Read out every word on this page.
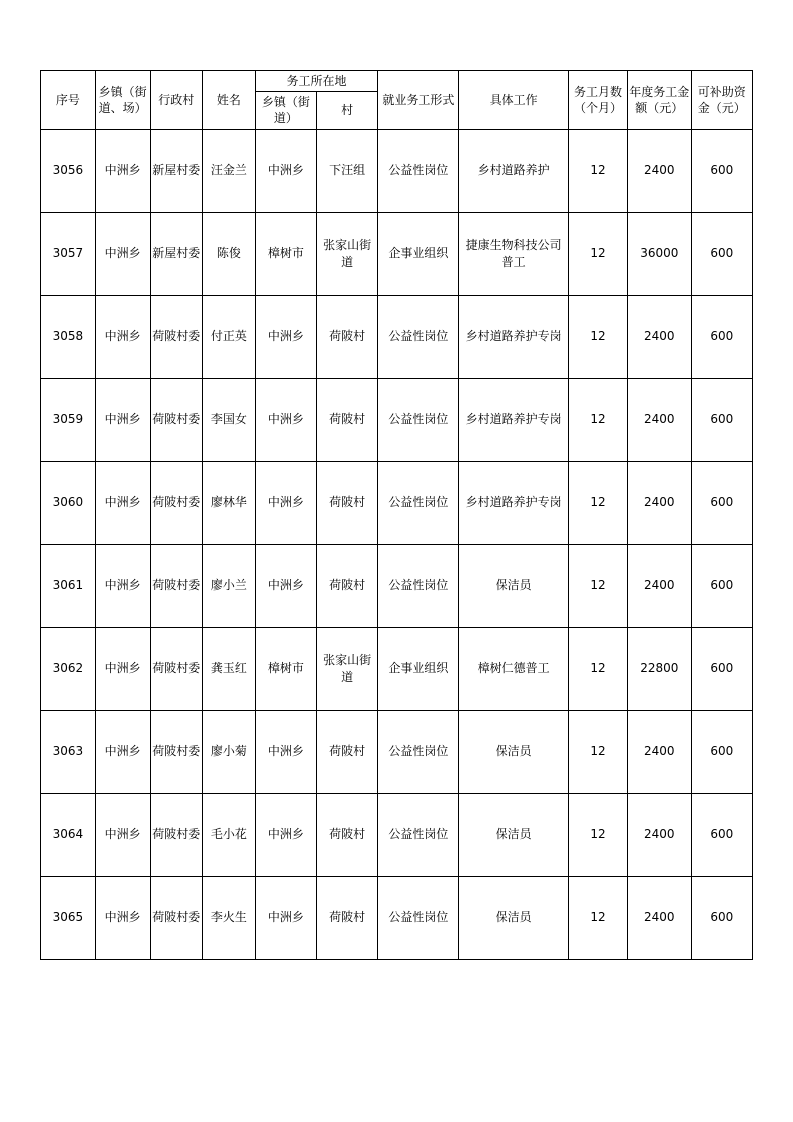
序号	乡镇（街道、场）	行政村	姓名	务工所在地		就业务工形式	具体工作	务工月数（个月）	年度务工金额（元）	可补助资金（元）
				乡镇（街道）	村					
3056	中洲乡	新屋村委	汪金兰	中洲乡	下汪组	公益性岗位	乡村道路养护	12	2400	600
3057	中洲乡	新屋村委	陈俊	樟树市	张家山街道	企事业组织	捷康生物科技公司普工	12	36000	600
3058	中洲乡	荷陂村委	付正英	中洲乡	荷陂村	公益性岗位	乡村道路养护专岗	12	2400	600
3059	中洲乡	荷陂村委	李国女	中洲乡	荷陂村	公益性岗位	乡村道路养护专岗	12	2400	600
3060	中洲乡	荷陂村委	廖林华	中洲乡	荷陂村	公益性岗位	乡村道路养护专岗	12	2400	600
3061	中洲乡	荷陂村委	廖小兰	中洲乡	荷陂村	公益性岗位	保洁员	12	2400	600
3062	中洲乡	荷陂村委	龚玉红	樟树市	张家山街道	企事业组织	樟树仁德普工	12	22800	600
3063	中洲乡	荷陂村委	廖小菊	中洲乡	荷陂村	公益性岗位	保洁员	12	2400	600
3064	中洲乡	荷陂村委	毛小花	中洲乡	荷陂村	公益性岗位	保洁员	12	2400	600
3065	中洲乡	荷陂村委	李火生	中洲乡	荷陂村	公益性岗位	保洁员	12	2400	600
